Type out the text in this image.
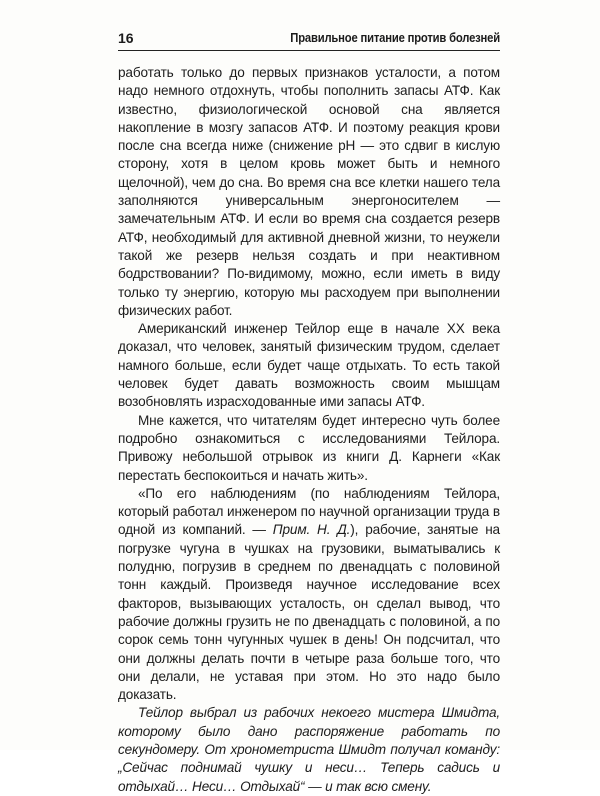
16	Правильное питание против болезней

работать только до первых признаков усталости, а потом надо немного отдохнуть, чтобы пополнить запасы АТФ. Как известно, физиологической основой сна является накопление в мозгу запасов АТФ. И поэтому реакция крови после сна всегда ниже (снижение рН — это сдвиг в кислую сторону, хотя в целом кровь может быть и немного щелочной), чем до сна. Во время сна все клетки нашего тела заполняются универсальным энергоносителем — замечательным АТФ. И если во время сна создается резерв АТФ, необходимый для активной дневной жизни, то неужели такой же резерв нельзя создать и при неактивном бодрствовании? По-видимому, можно, если иметь в виду только ту энергию, которую мы расходуем при выполнении физических работ.

Американский инженер Тейлор еще в начале XX века доказал, что человек, занятый физическим трудом, сделает намного больше, если будет чаще отдыхать. То есть такой человек будет давать возможность своим мышцам возобновлять израсходованные ими запасы АТФ.

Мне кажется, что читателям будет интересно чуть более подробно ознакомиться с исследованиями Тейлора. Привожу небольшой отрывок из книги Д. Карнеги «Как перестать беспокоиться и начать жить».

«По его наблюдениям (по наблюдениям Тейлора, который работал инженером по научной организации труда в одной из компаний. — Прим. Н. Д.), рабочие, занятые на погрузке чугуна в чушках на грузовики, выматывались к полудню, погрузив в среднем по двенадцать с половиной тонн каждый. Произведя научное исследование всех факторов, вызывающих усталость, он сделал вывод, что рабочие должны грузить не по двенадцать с половиной, а по сорок семь тонн чугунных чушек в день! Он подсчитал, что они должны делать почти в четыре раза больше того, что они делали, не уставая при этом. Но это надо было доказать.

Тейлор выбрал из рабочих некоего мистера Шмидта, которому было дано распоряжение работать по секундомеру. От хронометриста Шмидт получал команду: „Сейчас поднимай чушку и неси… Теперь садись и отдыхай… Неси… Отдыхай“ — и так всю смену.
